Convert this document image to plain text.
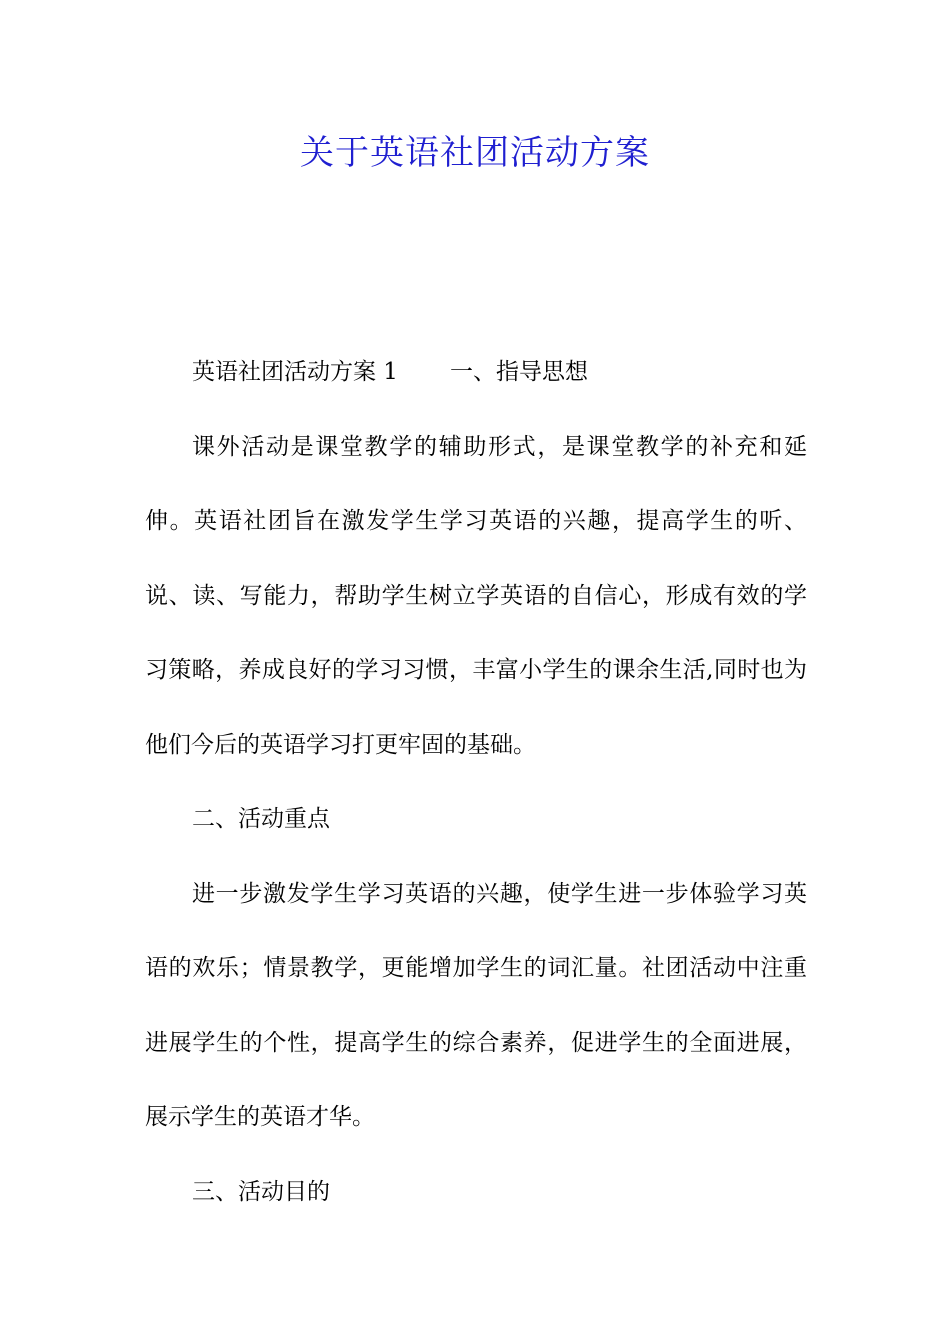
关于英语社团活动方案

英语社团活动方案 1 一、指导思想

课外活动是课堂教学的辅助形式，是课堂教学的补充和延伸。英语社团旨在激发学生学习英语的兴趣，提高学生的听、说、读、写能力，帮助学生树立学英语的自信心，形成有效的学习策略，养成良好的学习习惯，丰富小学生的课余生活,同时也为他们今后的英语学习打更牢固的基础。

二、活动重点

进一步激发学生学习英语的兴趣，使学生进一步体验学习英语的欢乐；情景教学，更能增加学生的词汇量。社团活动中注重进展学生的个性，提高学生的综合素养，促进学生的全面进展，展示学生的英语才华。

三、活动目的
